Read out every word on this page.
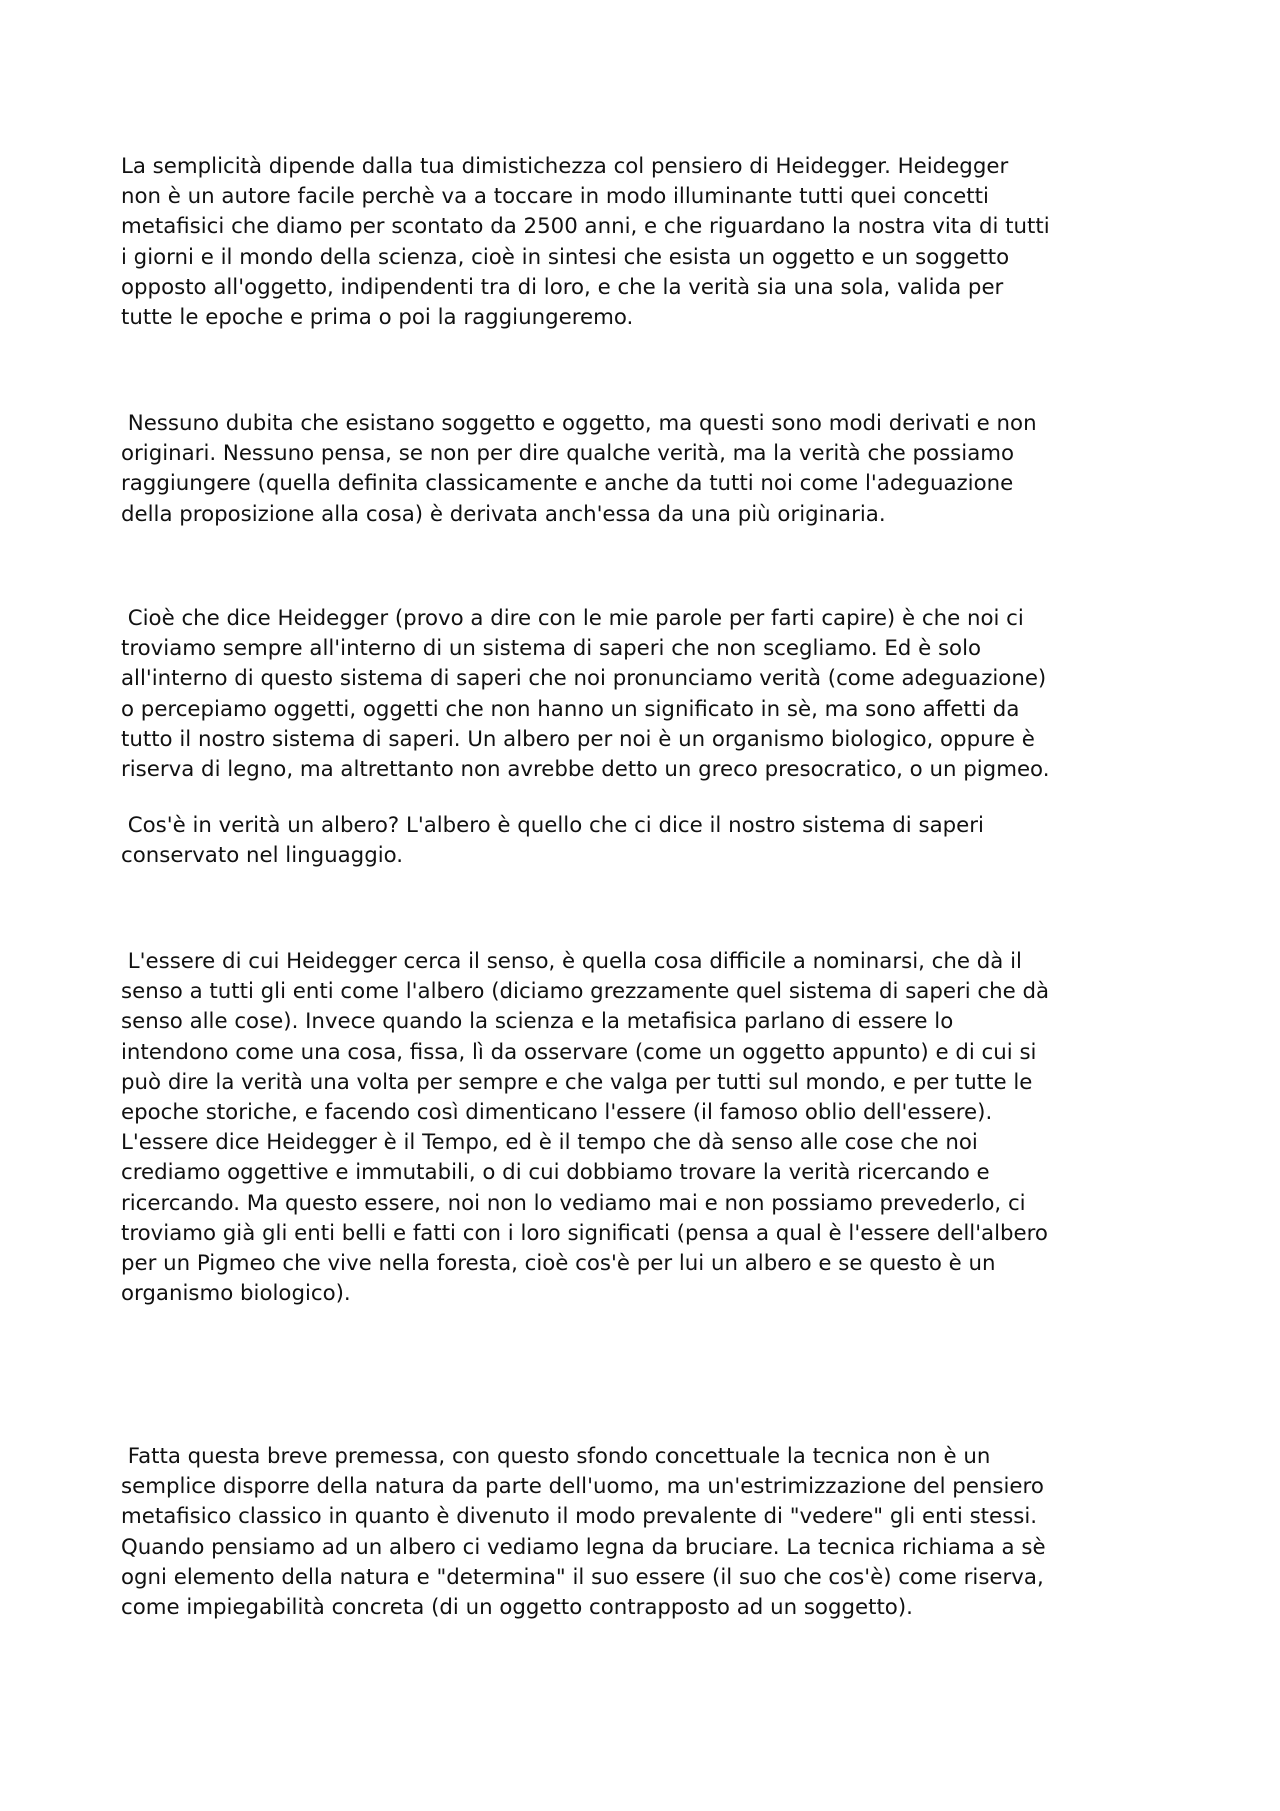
La semplicità dipende dalla tua dimistichezza col pensiero di Heidegger. Heidegger
non è un autore facile perchè va a toccare in modo illuminante tutti quei concetti
metafisici che diamo per scontato da 2500 anni, e che riguardano la nostra vita di tutti
i giorni e il mondo della scienza, cioè in sintesi che esista un oggetto e un soggetto
opposto all'oggetto, indipendenti tra di loro, e che la verità sia una sola, valida per
tutte le epoche e prima o poi la raggiungeremo.

Nessuno dubita che esistano soggetto e oggetto, ma questi sono modi derivati e non
originari. Nessuno pensa, se non per dire qualche verità, ma la verità che possiamo
raggiungere (quella definita classicamente e anche da tutti noi come l'adeguazione
della proposizione alla cosa) è derivata anch'essa da una più originaria.

Cioè che dice Heidegger (provo a dire con le mie parole per farti capire) è che noi ci
troviamo sempre all'interno di un sistema di saperi che non scegliamo. Ed è solo
all'interno di questo sistema di saperi che noi pronunciamo verità (come adeguazione)
o percepiamo oggetti, oggetti che non hanno un significato in sè, ma sono affetti da
tutto il nostro sistema di saperi. Un albero per noi è un organismo biologico, oppure è
riserva di legno, ma altrettanto non avrebbe detto un greco presocratico, o un pigmeo.

Cos'è in verità un albero? L'albero è quello che ci dice il nostro sistema di saperi
conservato nel linguaggio.

L'essere di cui Heidegger cerca il senso, è quella cosa difficile a nominarsi, che dà il
senso a tutti gli enti come l'albero (diciamo grezzamente quel sistema di saperi che dà
senso alle cose). Invece quando la scienza e la metafisica parlano di essere lo
intendono come una cosa, fissa, lì da osservare (come un oggetto appunto) e di cui si
può dire la verità una volta per sempre e che valga per tutti sul mondo, e per tutte le
epoche storiche, e facendo così dimenticano l'essere (il famoso oblio dell'essere).
L'essere dice Heidegger è il Tempo, ed è il tempo che dà senso alle cose che noi
crediamo oggettive e immutabili, o di cui dobbiamo trovare la verità ricercando e
ricercando. Ma questo essere, noi non lo vediamo mai e non possiamo prevederlo, ci
troviamo già gli enti belli e fatti con i loro significati (pensa a qual è l'essere dell'albero
per un Pigmeo che vive nella foresta, cioè cos'è per lui un albero e se questo è un
organismo biologico).

Fatta questa breve premessa, con questo sfondo concettuale la tecnica non è un
semplice disporre della natura da parte dell'uomo, ma un'estrimizzazione del pensiero
metafisico classico in quanto è divenuto il modo prevalente di "vedere" gli enti stessi.
Quando pensiamo ad un albero ci vediamo legna da bruciare. La tecnica richiama a sè
ogni elemento della natura e "determina" il suo essere (il suo che cos'è) come riserva,
come impiegabilità concreta (di un oggetto contrapposto ad un soggetto).
